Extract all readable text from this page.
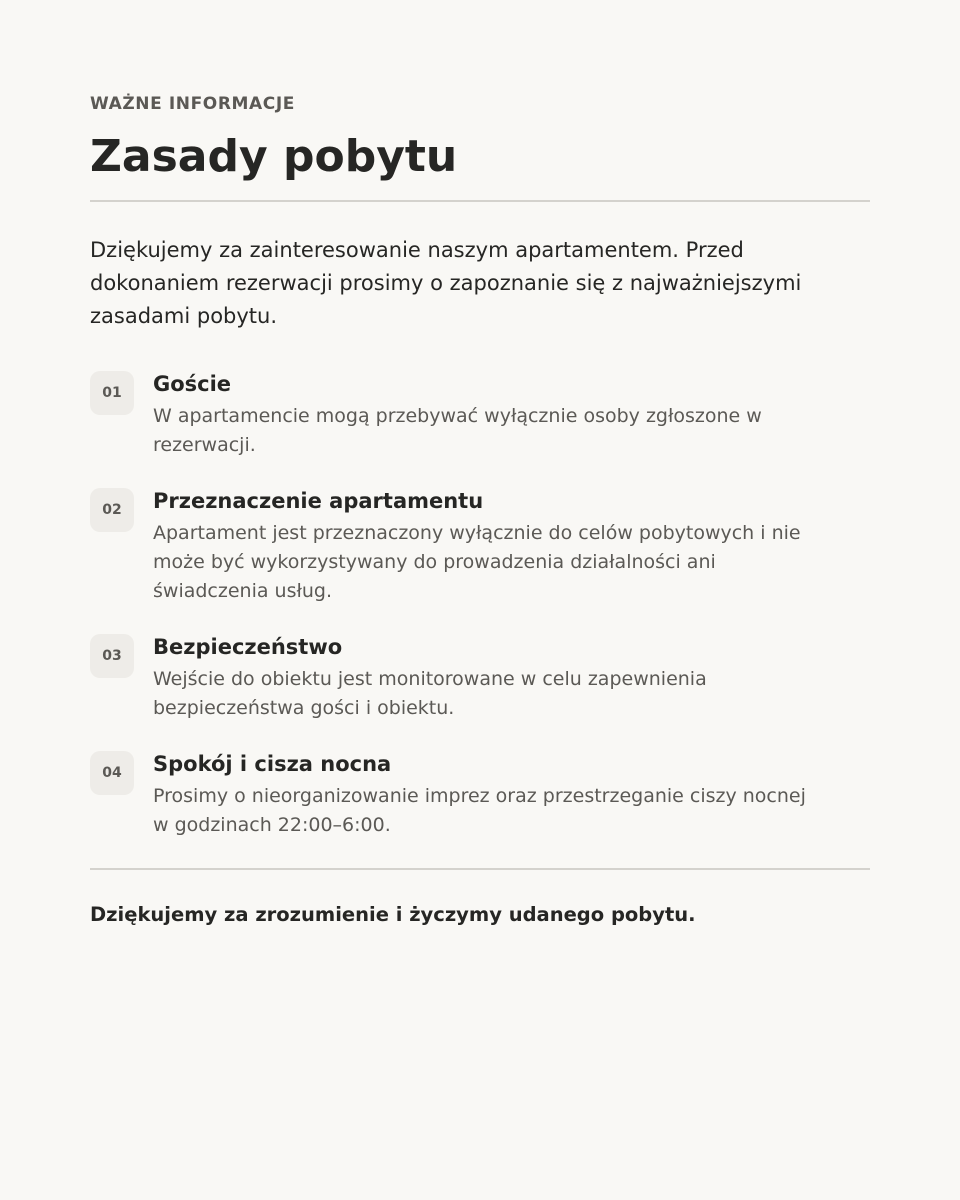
WAŻNE INFORMACJE
Zasady pobytu

Dziękujemy za zainteresowanie naszym apartamentem. Przed dokonaniem rezerwacji prosimy o zapoznanie się z najważniejszymi zasadami pobytu.

01	Goście
W apartamencie mogą przebywać wyłącznie osoby zgłoszone w rezerwacji.
02	Przeznaczenie apartamentu
Apartament jest przeznaczony wyłącznie do celów pobytowych i nie może być wykorzystywany do prowadzenia działalności ani świadczenia usług.
03	Bezpieczeństwo
Wejście do obiektu jest monitorowane w celu zapewnienia bezpieczeństwa gości i obiektu.
04	Spokój i cisza nocna
Prosimy o nieorganizowanie imprez oraz przestrzeganie ciszy nocnej w godzinach 22:00–6:00.

Dziękujemy za zrozumienie i życzymy udanego pobytu.
